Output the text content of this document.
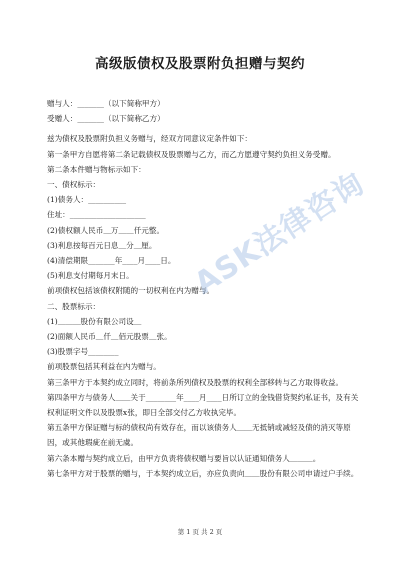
高级版债权及股票附负担赠与契约
赠与人：_______（以下简称甲方）
受赠人：_______（以下简称乙方）
兹为债权及股票附负担义务赠与，经双方同意议定条件如下：
第一条甲方自愿将第二条记载债权及股票赠与乙方，而乙方愿遵守契约负担义务受赠。
第二条本件赠与物标示如下：
一、债权标示：
(1)债务人：__________
住址：____________________
(2)债权额人民币＿万＿＿仟元整。
(3)利息按每百元日息＿分＿厘。
(4)清偿期限_______年____月____日。
(5)利息支付期每月末日。
前项债权包括该债权附随的一切权利在内为赠与。
二、股票标示：
(1)＿＿＿股份有限公司设＿
(2)面额人民币＿仟＿佰元股票＿张。
(3)股票字号________
前项股票包括其利益在内为赠与。
第三条甲方于本契约成立同时，将前条所列债权及股票的权利全部移转与乙方取得收益。
第四条甲方与债务人＿＿关于________年____月____日所订立的金钱借贷契约私证书，及有关权利证明文件以及股票x张，即日全部交付乙方收执完毕。
第五条甲方保证赠与标的债权尚有效存在，而以该债务人＿＿无抵销或减轻及债的消灭等原因，或其他瑕疵在前无虞。
第六条本赠与契约成立后，由甲方负责将债权赠与要旨以认证通知债务人＿＿＿。
第七条甲方对于股票的赠与，于本契约成立后，亦应负责向＿＿股份有限公司申请过户手续。
ASK法律咨询
第 1 页 共 2 页
